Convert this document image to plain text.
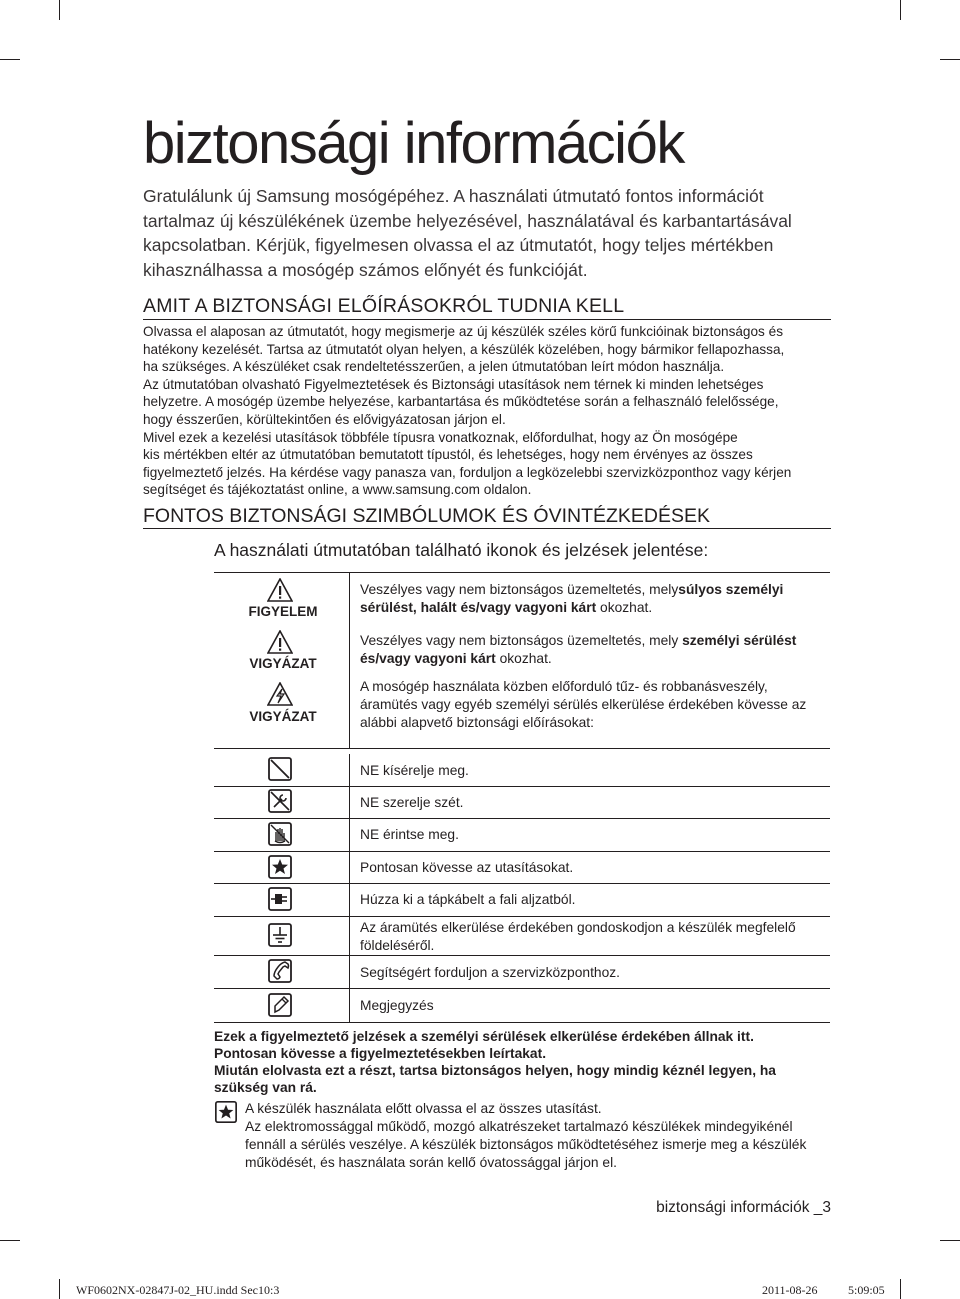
biztonsági információk
Gratulálunk új Samsung mosógépéhez. A használati útmutató fontos információt
tartalmaz új készülékének üzembe helyezésével, használatával és karbantartásával
kapcsolatban. Kérjük, figyelmesen olvassa el az útmutatót, hogy teljes mértékben
kihasználhassa a mosógép számos előnyét és funkcióját.
AMIT A BIZTONSÁGI ELŐÍRÁSOKRÓL TUDNIA KELL
Olvassa el alaposan az útmutatót, hogy megismerje az új készülék széles körű funkcióinak biztonságos és
hatékony kezelését. Tartsa az útmutatót olyan helyen, a készülék közelében, hogy bármikor fellapozhassa,
ha szükséges. A készüléket csak rendeltetésszerűen, a jelen útmutatóban leírt módon használja.
Az útmutatóban olvasható Figyelmeztetések és Biztonsági utasítások nem térnek ki minden lehetséges
helyzetre. A mosógép üzembe helyezése, karbantartása és működtetése során a felhasználó felelőssége,
hogy ésszerűen, körültekintően és elővigyázatosan járjon el.
Mivel ezek a kezelési utasítások többféle típusra vonatkoznak, előfordulhat, hogy az Ön mosógépe
kis mértékben eltér az útmutatóban bemutatott típustól, és lehetséges, hogy nem érvényes az összes
figyelmeztető jelzés. Ha kérdése vagy panasza van, forduljon a legközelebbi szervizközponthoz vagy kérjen
segítséget és tájékoztatást online, a www.samsung.com oldalon.
FONTOS BIZTONSÁGI SZIMBÓLUMOK ÉS ÓVINTÉZKEDÉSEK
A használati útmutatóban található ikonok és jelzések jelentése:
FIGYELEM
Veszélyes vagy nem biztonságos üzemeltetés, melysúlyos személyi
sérülést, halált és/vagy vagyoni kárt okozhat.
VIGYÁZAT
Veszélyes vagy nem biztonságos üzemeltetés, mely személyi sérülést
és/vagy vagyoni kárt okozhat.
VIGYÁZAT
A mosógép használata közben előforduló tűz- és robbanásveszély,
áramütés vagy egyéb személyi sérülés elkerülése érdekében kövesse az
alábbi alapvető biztonsági előírásokat:
NE kísérelje meg.
NE szerelje szét.
NE érintse meg.
Pontosan kövesse az utasításokat.
Húzza ki a tápkábelt a fali aljzatból.
Az áramütés elkerülése érdekében gondoskodjon a készülék megfelelő
földeléséről.
Segítségért forduljon a szervizközponthoz.
Megjegyzés
Ezek a figyelmeztető jelzések a személyi sérülések elkerülése érdekében állnak itt.
Pontosan kövesse a figyelmeztetésekben leírtakat.
Miután elolvasta ezt a részt, tartsa biztonságos helyen, hogy mindig kéznél legyen, ha
szükség van rá.
A készülék használata előtt olvassa el az összes utasítást.
Az elektromossággal működő, mozgó alkatrészeket tartalmazó készülékek mindegyikénél
fennáll a sérülés veszélye. A készülék biztonságos működtetéséhez ismerje meg a készülék
működését, és használata során kellő óvatossággal járjon el.
biztonsági információk _3
WF0602NX-02847J-02_HU.indd Sec10:3	2011-08-26	5:09:05
